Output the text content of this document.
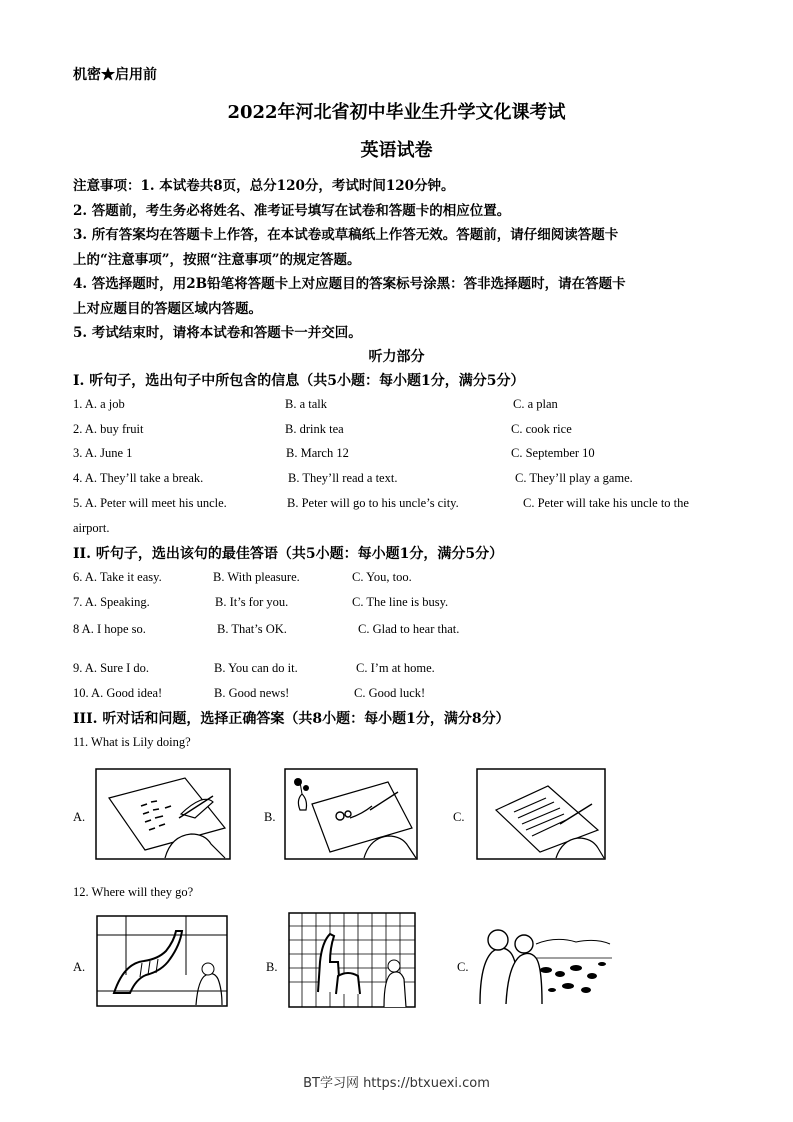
机密★启用前
2022年河北省初中毕业生升学文化课考试
英语试卷
注意事项：1. 本试卷共8页，总分120分，考试时间120分钟。
2. 答题前，考生务必将姓名、准考证号填写在试卷和答题卡的相应位置。
3. 所有答案均在答题卡上作答，在本试卷或草稿纸上作答无效。答题前，请仔细阅读答题卡
上的“注意事项”，按照“注意事项”的规定答题。
4. 答选择题时，用2B铅笔将答题卡上对应题目的答案标号涂黑：答非选择题时，请在答题卡
上对应题目的答题区域内答题。
5. 考试结束时，请将本试卷和答题卡一并交回。
听力部分
Ⅰ. 听句子，选出句子中所包含的信息（共5小题：每小题1分，满分5分）
1. A. a job	B. a talk	C. a plan
2. A. buy fruit	B. drink tea	C. cook rice
3. A. June 1	B. March 12	C. September 10
4. A. They’ll take a break.	B. They’ll read a text.	C. They’ll play a game.
5. A. Peter will meet his uncle.	B. Peter will go to his uncle’s city.	C. Peter will take his uncle to the
airport.
II. 听句子，选出该句的最佳答语（共5小题：每小题1分，满分5分）
6. A. Take it easy.	B. With pleasure.	C. You, too.
7. A. Speaking.	B. It’s for you.	C. The line is busy.
8 A. I hope so.	B. That’s OK.	C. Glad to hear that.
9. A. Sure I do.	B. You can do it.	C. I’m at home.
10. A. Good idea!	B. Good news!	C. Good luck!
III. 听对话和问题，选择正确答案（共8小题：每小题1分，满分8分）
11. What is Lily doing?
A.	B.	C.
12. Where will they go?
A.	B.	C.
BT学习网 https://btxuexi.com
